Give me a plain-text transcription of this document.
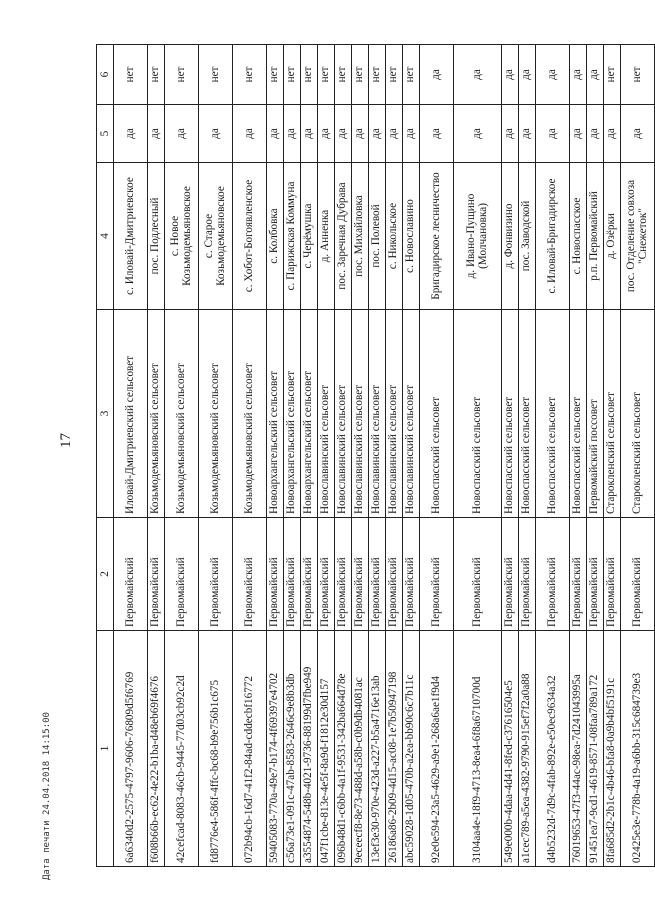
17
Дата печати 24.04.2018 14:15:00	1	2	3	4	5	6
6a6340d2-2575-4797-9606-76809d5f6769	Первомайский	Иловай-Дмитриевский сельсовет	с. Иловай-Дмитриевское	да	нет
f608b66b-ec62-4e22-b1ba-d48eb69f4676	Первомайский	Козьмодемьяновский сельсовет	пос. Подлесный	да	нет
42cefcad-8083-46cb-9445-77d03cb92c2d	Первомайский	Козьмодемьяновский сельсовет	с. Новое Козьмодемьяновское	да	нет
fd8776e4-586f-4ffc-bc68-b9e756b1c675	Первомайский	Козьмодемьяновский сельсовет	с. Старое Козьмодемьяновское	да	нет
072b94cb-16d7-41f2-84ad-cddecbf16772	Первомайский	Козьмодемьяновский сельсовет	с. Хобот-Богоявленское	да	нет
59405083-770a-49e7-b174-4f69397e4702	Первомайский	Новоархангельский сельсовет	с. Колбовка	да	нет
c56a73e1-091c-47ab-8583-2646c9e8b3db	Первомайский	Новоархангельский сельсовет	с. Парижская Коммуна	да	нет
a3554874-548b-4021-9736-88199d7fbe949	Первомайский	Новоархангельский сельсовет	с. Черёмушка	да	нет
047f1cbe-813e-4e5f-8a9d-f1812e30d157	Первомайский	Новославинский сельсовет	д. Анненка	да	нет
096b48d1-c6bb-4a1f-9531-342ba664d78e	Первомайский	Новославинский сельсовет	пос. Заречная Дубрава	да	нет
9eceecf8-8e73-488d-a58b-c0b9db4081ac	Первомайский	Новославинский сельсовет	пос. Михайловка	да	нет
13ef3e30-970e-423d-a227-b5a4716e13ab	Первомайский	Новославинский сельсовет	пос. Полевой	да	нет
26186a86-2b09-4d15-ac08-1e7b50947198	Первомайский	Новославинский сельсовет	с. Никольское	да	нет
abc59028-1d05-470b-a2ea-bb90c6c7b11c	Первомайский	Новославинский сельсовет	с. Новославино	да	нет
92e0e594-23a5-4629-a9e1-268a6ae1f9d4	Первомайский	Новоспасский сельсовет	Бригадирское лесничество	да	да
3104aa4e-18f9-4713-8ea4-6f8a6710700d	Первомайский	Новоспасский сельсовет	д. Ивано-Пущино (Молчановка)	да	да
549e000b-4daa-4d41-8fed-c37616504e5	Первомайский	Новоспасский сельсовет	д. Фонвизино	да	да
a1cec789-a5ea-4382-9790-915ef7f2a0a88	Первомайский	Новоспасский сельсовет	пос. Заводской	да	да
d4b5232d-7d9c-4fab-892e-e50ec9634a32	Первомайский	Новоспасский сельсовет	с. Иловай-Бригадирское	да	да
76019653-47f3-44ac-98ea-7d241043995a	Первомайский	Новоспасский сельсовет	с. Новоспасское	да	да
91451ea7-9cd1-4619-8571-08faa789a172	Первомайский	Первомайский поссовет	р.п. Первомайский	да	да
8fa685d2-2b1c-4b46-bfa8-0a9b4bf5191c	Первомайский	Старокленский сельсовет	д. Озёрки	да	нет
02425e3e-778b-4a19-a6bb-315c684739e3	Первомайский	Старокленский сельсовет	пос. Отделение совхоза "Снежеток"	да	нет
